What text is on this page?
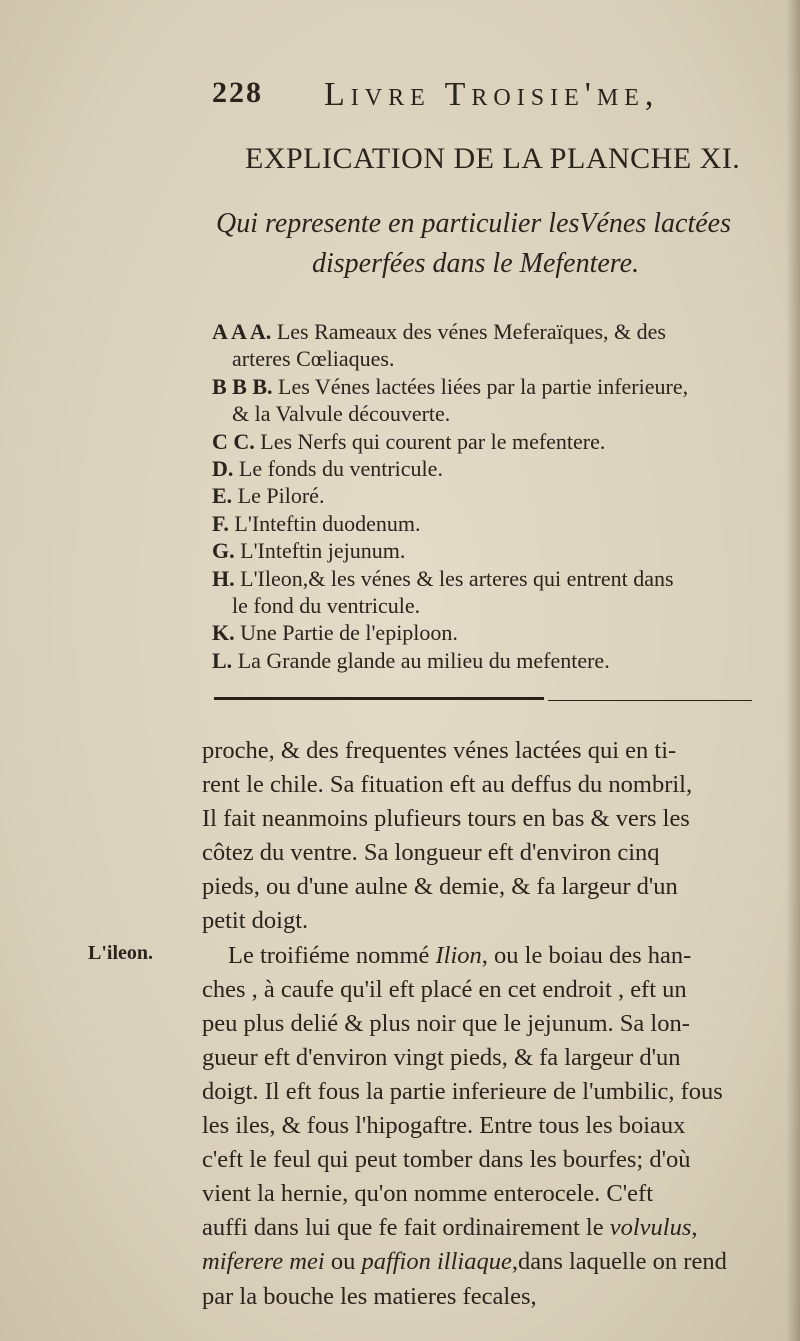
228 Livre Troisie'me,
EXPLICATION DE LA PLANCHE XI.
Qui represente en particulier lesVénes lactées
disperfées dans le Mefentere.

A A A. Les Rameaux des vénes Meferaïques, & des

arteres Cœliaques.

B B B. Les Vénes lactées liées par la partie inferieure,

& la Valvule découverte.

C C. Les Nerfs qui courent par le mefentere.

D. Le fonds du ventricule.

E. Le Piloré.

F. L'Inteftin duodenum.

G. L'Inteftin jejunum.

H. L'Ileon,& les vénes & les arteres qui entrent dans

le fond du ventricule.

K. Une Partie de l'epiploon.

L. La Grande glande au milieu du mefentere.

L'ileon.

proche, & des frequentes vénes lactées qui en ti-

rent le chile. Sa fituation eft au deffus du nombril,

Il fait neanmoins plufieurs tours en bas & vers les

côtez du ventre. Sa longueur eft d'environ cinq

pieds, ou d'une aulne & demie, & fa largeur d'un

petit doigt.

Le troifiéme nommé Ilion, ou le boiau des han-

ches , à caufe qu'il eft placé en cet endroit , eft un

peu plus delié & plus noir que le jejunum. Sa lon-

gueur eft d'environ vingt pieds, & fa largeur d'un

doigt. Il eft fous la partie inferieure de l'umbilic, fous

les iles, & fous l'hipogaftre. Entre tous les boiaux

c'eft le feul qui peut tomber dans les bourfes; d'où

vient la hernie, qu'on nomme enterocele. C'eft

auffi dans lui que fe fait ordinairement le volvulus,

miferere mei ou paffion illiaque,dans laquelle on rend

par la bouche les matieres fecales,
